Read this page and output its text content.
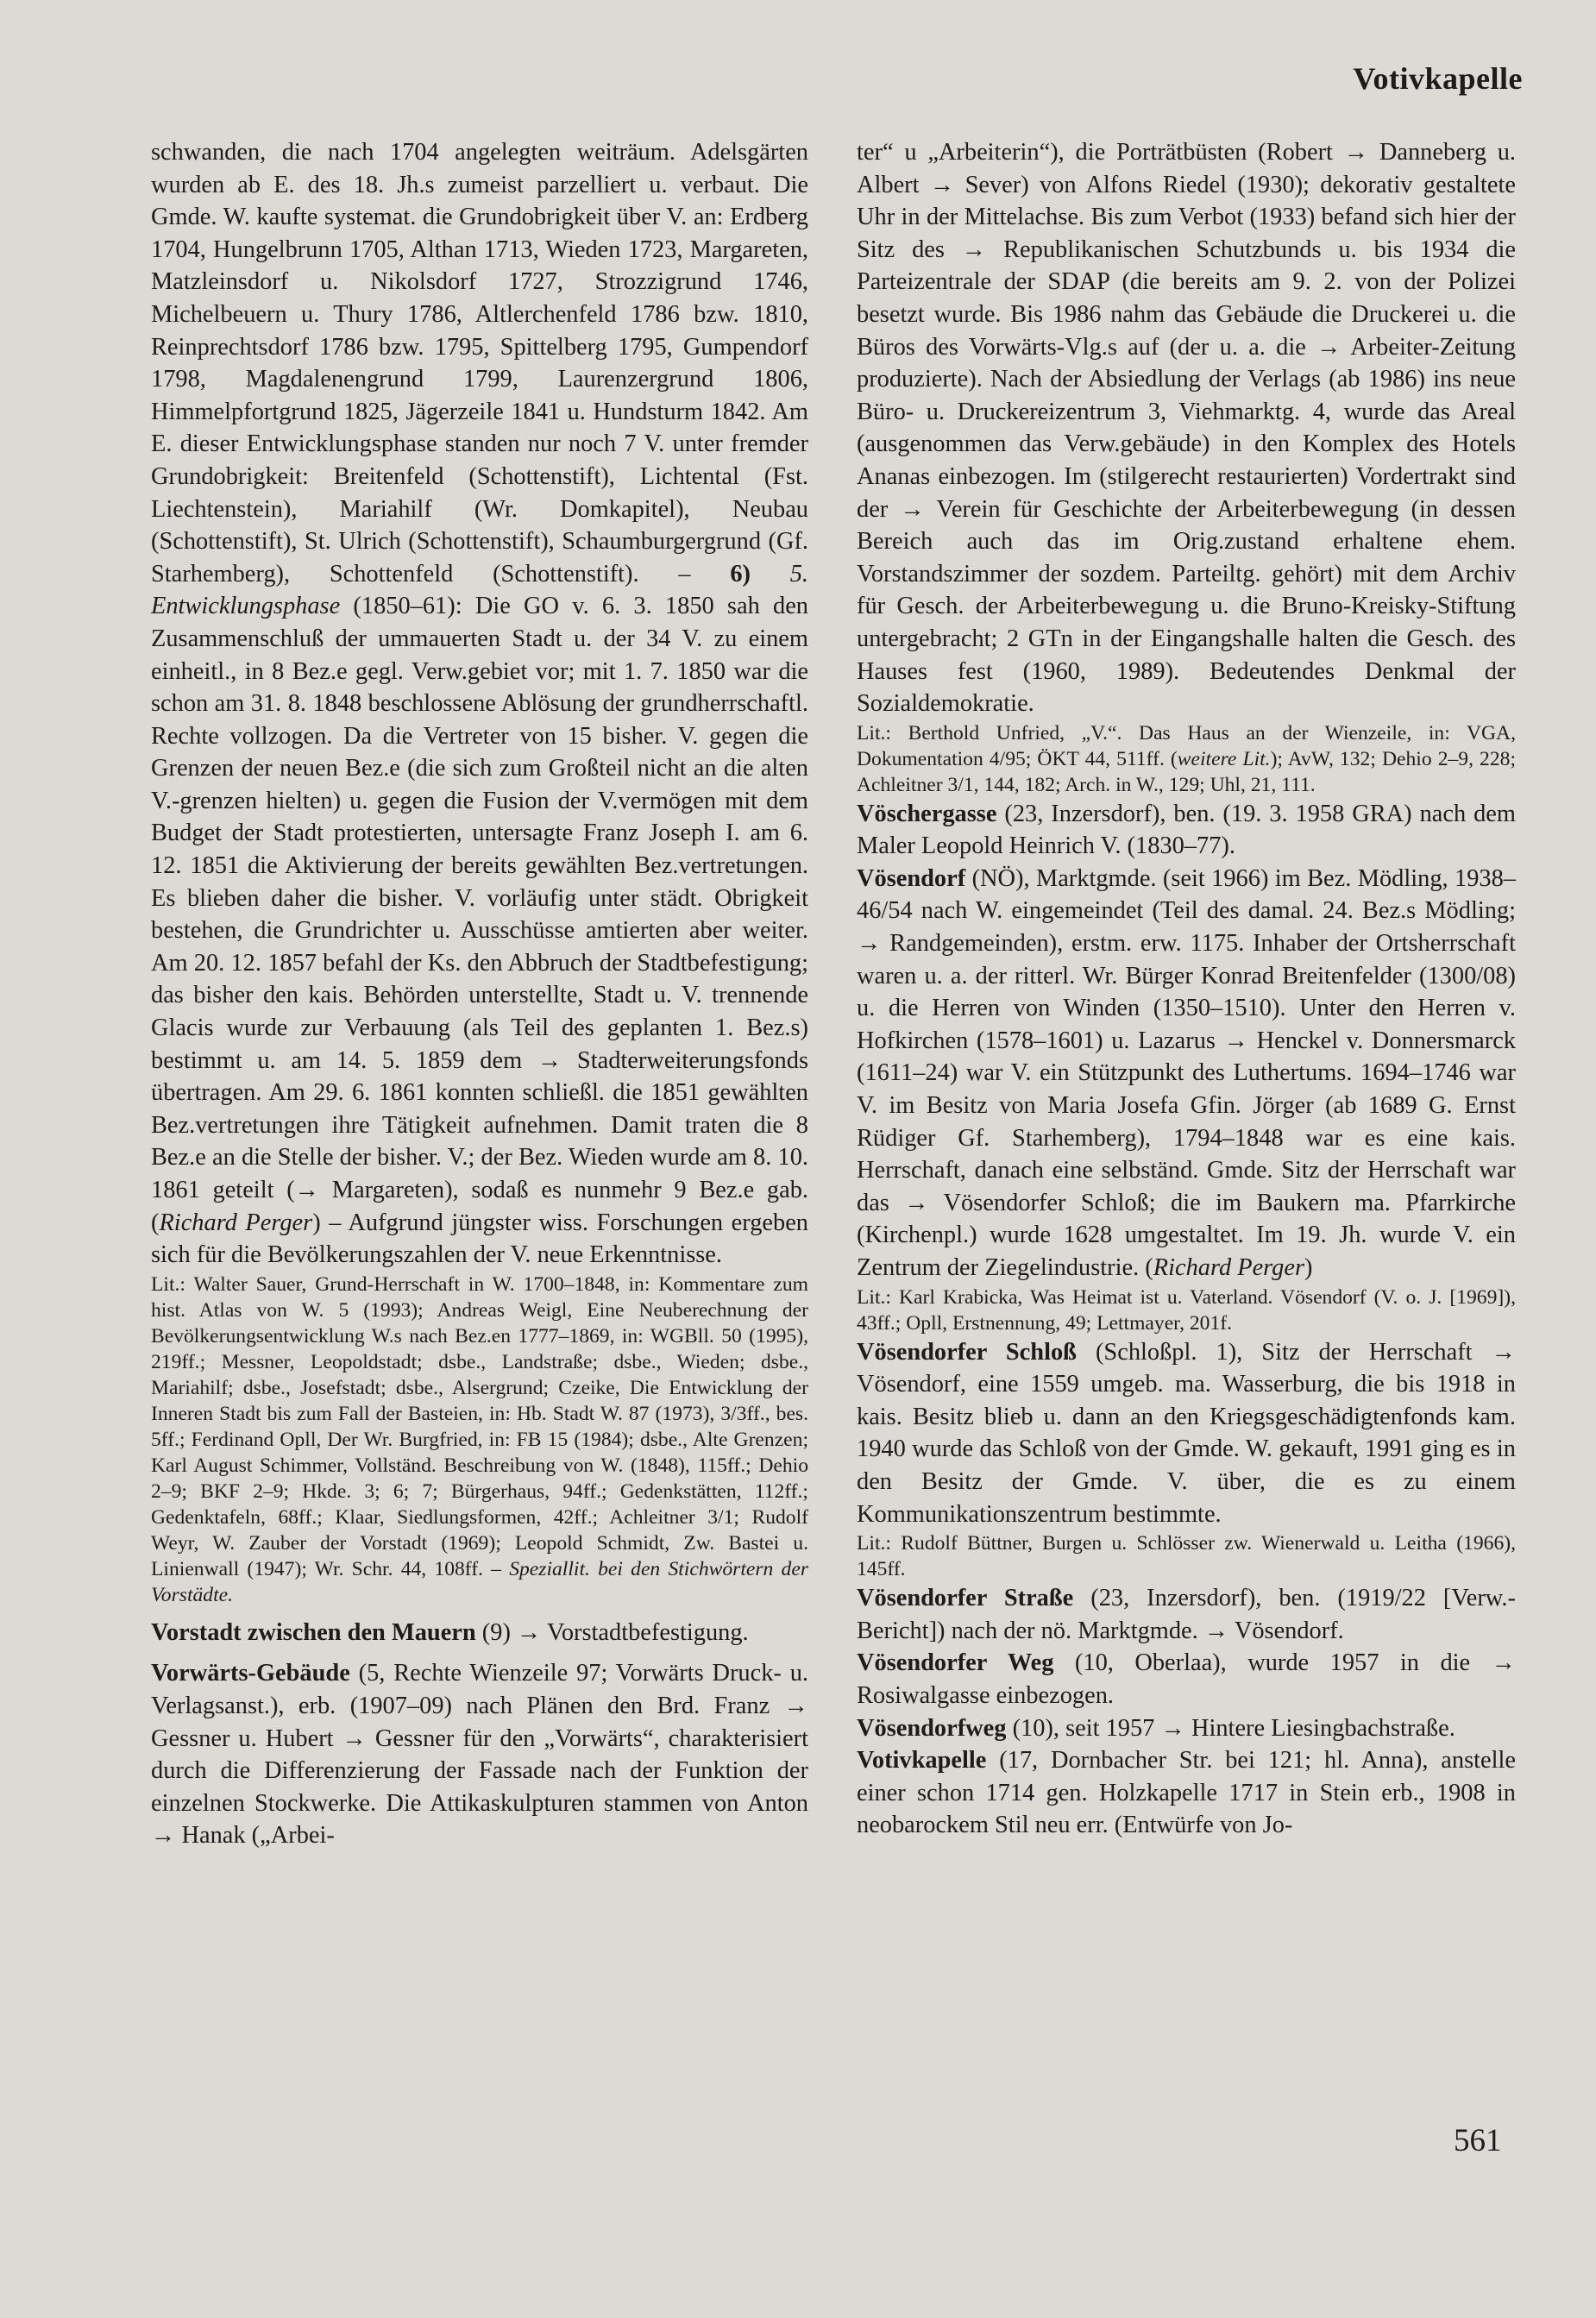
Votivkapelle

schwanden, die nach 1704 angelegten weiträum. Adelsgärten wurden ab E. des 18. Jh.s zumeist parzelliert u. verbaut. Die Gmde. W. kaufte systemat. die Grundobrigkeit über V. an: Erdberg 1704, Hungelbrunn 1705, Althan 1713, Wieden 1723, Margareten, Matzleinsdorf u. Nikolsdorf 1727, Strozzigrund 1746, Michelbeuern u. Thury 1786, Altlerchenfeld 1786 bzw. 1810, Reinprechtsdorf 1786 bzw. 1795, Spittelberg 1795, Gumpendorf 1798, Magdalenengrund 1799, Laurenzergrund 1806, Himmelpfortgrund 1825, Jägerzeile 1841 u. Hundsturm 1842. Am E. dieser Entwicklungsphase standen nur noch 7 V. unter fremder Grundobrigkeit: Breitenfeld (Schottenstift), Lichtental (Fst. Liechtenstein), Mariahilf (Wr. Domkapitel), Neubau (Schottenstift), St. Ulrich (Schottenstift), Schaumburgergrund (Gf. Starhemberg), Schottenfeld (Schottenstift). – 6) 5. Entwicklungsphase (1850–61): Die GO v. 6. 3. 1850 sah den Zusammenschluß der ummauerten Stadt u. der 34 V. zu einem einheitl., in 8 Bez.e gegl. Verw.gebiet vor; mit 1. 7. 1850 war die schon am 31. 8. 1848 beschlossene Ablösung der grundherrschaftl. Rechte vollzogen. Da die Vertreter von 15 bisher. V. gegen die Grenzen der neuen Bez.e (die sich zum Großteil nicht an die alten V.-grenzen hielten) u. gegen die Fusion der V.vermögen mit dem Budget der Stadt protestierten, untersagte Franz Joseph I. am 6. 12. 1851 die Aktivierung der bereits gewählten Bez.vertretungen. Es blieben daher die bisher. V. vorläufig unter städt. Obrigkeit bestehen, die Grundrichter u. Ausschüsse amtierten aber weiter. Am 20. 12. 1857 befahl der Ks. den Abbruch der Stadtbefestigung; das bisher den kais. Behörden unterstellte, Stadt u. V. trennende Glacis wurde zur Verbauung (als Teil des geplanten 1. Bez.s) bestimmt u. am 14. 5. 1859 dem → Stadterweiterungsfonds übertragen. Am 29. 6. 1861 konnten schließl. die 1851 gewählten Bez.vertretungen ihre Tätigkeit aufnehmen. Damit traten die 8 Bez.e an die Stelle der bisher. V.; der Bez. Wieden wurde am 8. 10. 1861 geteilt (→ Margareten), sodaß es nunmehr 9 Bez.e gab. (Richard Perger) – Aufgrund jüngster wiss. Forschungen ergeben sich für die Bevölkerungszahlen der V. neue Erkenntnisse.

Lit.: Walter Sauer, Grund-Herrschaft in W. 1700–1848, in: Kommentare zum hist. Atlas von W. 5 (1993); Andreas Weigl, Eine Neuberechnung der Bevölkerungsentwicklung W.s nach Bez.en 1777–1869, in: WGBll. 50 (1995), 219ff.; Messner, Leopoldstadt; dsbe., Landstraße; dsbe., Wieden; dsbe., Mariahilf; dsbe., Josefstadt; dsbe., Alsergrund; Czeike, Die Entwicklung der Inneren Stadt bis zum Fall der Basteien, in: Hb. Stadt W. 87 (1973), 3/3ff., bes. 5ff.; Ferdinand Opll, Der Wr. Burgfried, in: FB 15 (1984); dsbe., Alte Grenzen; Karl August Schimmer, Vollständ. Beschreibung von W. (1848), 115ff.; Dehio 2–9; BKF 2–9; Hkde. 3; 6; 7; Bürgerhaus, 94ff.; Gedenkstätten, 112ff.; Gedenktafeln, 68ff.; Klaar, Siedlungsformen, 42ff.; Achleitner 3/1; Rudolf Weyr, W. Zauber der Vorstadt (1969); Leopold Schmidt, Zw. Bastei u. Linienwall (1947); Wr. Schr. 44, 108ff. – Speziallit. bei den Stichwörtern der Vorstädte.

Vorstadt zwischen den Mauern (9) → Vorstadtbefestigung.

Vorwärts-Gebäude (5, Rechte Wienzeile 97; Vorwärts Druck- u. Verlagsanst.), erb. (1907–09) nach Plänen den Brd. Franz → Gessner u. Hubert → Gessner für den „Vorwärts“, charakterisiert durch die Differenzierung der Fassade nach der Funktion der einzelnen Stockwerke. Die Attikaskulpturen stammen von Anton → Hanak („Arbei-

ter“ u „Arbeiterin“), die Porträtbüsten (Robert → Danneberg u. Albert → Sever) von Alfons Riedel (1930); dekorativ gestaltete Uhr in der Mittelachse. Bis zum Verbot (1933) befand sich hier der Sitz des → Republikanischen Schutzbunds u. bis 1934 die Parteizentrale der SDAP (die bereits am 9. 2. von der Polizei besetzt wurde. Bis 1986 nahm das Gebäude die Druckerei u. die Büros des Vorwärts-Vlg.s auf (der u. a. die → Arbeiter-Zeitung produzierte). Nach der Absiedlung der Verlags (ab 1986) ins neue Büro- u. Druckereizentrum 3, Viehmarktg. 4, wurde das Areal (ausgenommen das Verw.gebäude) in den Komplex des Hotels Ananas einbezogen. Im (stilgerecht restaurierten) Vordertrakt sind der → Verein für Geschichte der Arbeiterbewegung (in dessen Bereich auch das im Orig.zustand erhaltene ehem. Vorstandszimmer der sozdem. Parteiltg. gehört) mit dem Archiv für Gesch. der Arbeiterbewegung u. die Bruno-Kreisky-Stiftung untergebracht; 2 GTn in der Eingangshalle halten die Gesch. des Hauses fest (1960, 1989). Bedeutendes Denkmal der Sozialdemokratie.

Lit.: Berthold Unfried, „V.“. Das Haus an der Wienzeile, in: VGA, Dokumentation 4/95; ÖKT 44, 511ff. (weitere Lit.); AvW, 132; Dehio 2–9, 228; Achleitner 3/1, 144, 182; Arch. in W., 129; Uhl, 21, 111.

Vöschergasse (23, Inzersdorf), ben. (19. 3. 1958 GRA) nach dem Maler Leopold Heinrich V. (1830–77).

Vösendorf (NÖ), Marktgmde. (seit 1966) im Bez. Mödling, 1938–46/54 nach W. eingemeindet (Teil des damal. 24. Bez.s Mödling; → Randgemeinden), erstm. erw. 1175. Inhaber der Ortsherrschaft waren u. a. der ritterl. Wr. Bürger Konrad Breitenfelder (1300/08) u. die Herren von Winden (1350–1510). Unter den Herren v. Hofkirchen (1578–1601) u. Lazarus → Henckel v. Donnersmarck (1611–24) war V. ein Stützpunkt des Luthertums. 1694–1746 war V. im Besitz von Maria Josefa Gfin. Jörger (ab 1689 G. Ernst Rüdiger Gf. Starhemberg), 1794–1848 war es eine kais. Herrschaft, danach eine selbständ. Gmde. Sitz der Herrschaft war das → Vösendorfer Schloß; die im Baukern ma. Pfarrkirche (Kirchenpl.) wurde 1628 umgestaltet. Im 19. Jh. wurde V. ein Zentrum der Ziegelindustrie. (Richard Perger)

Lit.: Karl Krabicka, Was Heimat ist u. Vaterland. Vösendorf (V. o. J. [1969]), 43ff.; Opll, Erstnennung, 49; Lettmayer, 201f.

Vösendorfer Schloß (Schloßpl. 1), Sitz der Herrschaft → Vösendorf, eine 1559 umgeb. ma. Wasserburg, die bis 1918 in kais. Besitz blieb u. dann an den Kriegsgeschädigtenfonds kam. 1940 wurde das Schloß von der Gmde. W. gekauft, 1991 ging es in den Besitz der Gmde. V. über, die es zu einem Kommunikationszentrum bestimmte.

Lit.: Rudolf Büttner, Burgen u. Schlösser zw. Wienerwald u. Leitha (1966), 145ff.

Vösendorfer Straße (23, Inzersdorf), ben. (1919/22 [Verw.-Bericht]) nach der nö. Marktgmde. → Vösendorf.

Vösendorfer Weg (10, Oberlaa), wurde 1957 in die → Rosiwalgasse einbezogen.

Vösendorfweg (10), seit 1957 → Hintere Liesingbachstraße.

Votivkapelle (17, Dornbacher Str. bei 121; hl. Anna), anstelle einer schon 1714 gen. Holzkapelle 1717 in Stein erb., 1908 in neobarockem Stil neu err. (Entwürfe von Jo-

561
